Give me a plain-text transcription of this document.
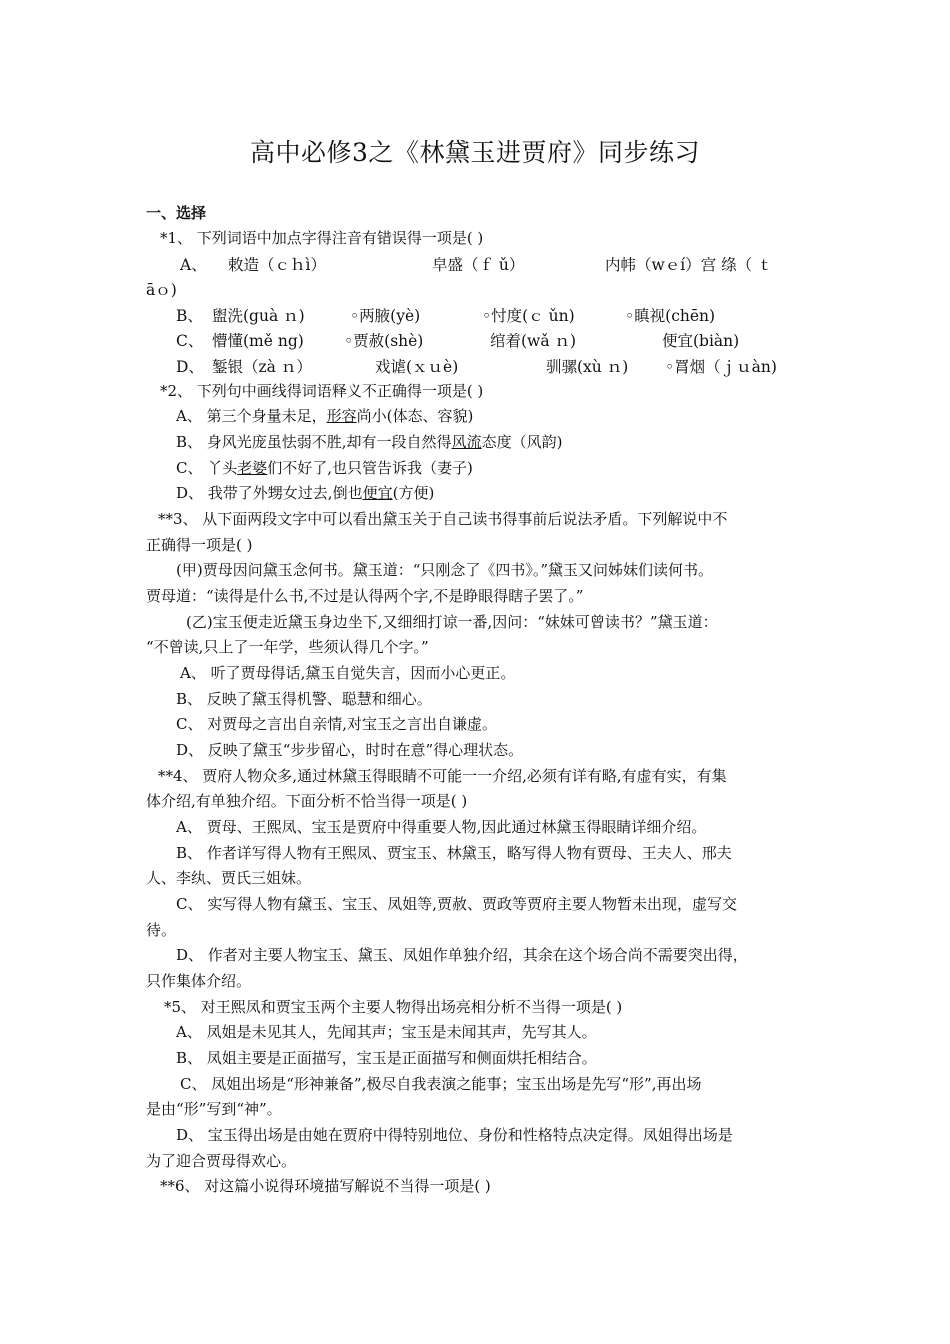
高中必修3之《林黛玉进贾府》同步练习
一、选择
*1、 下列词语中加点字得注音有错误得一项是( )
A、 敕造（ｃｈì）	皁盛（ｆ ǔ）	内帏（wｅí）宫 绦（ ｔ
āｏ)
B、 盥洗(guà ｎ)	◦两腋(yè)	◦忖度(ｃ ǔn)	◦瞋视(chēn)
C、 懵懂(mě ng)	◦贾赦(shè)	绾着(wǎ ｎ)	便宜(biàn)
D、 錾银（zà ｎ）	戏谑(ｘｕè)	驯骡(xù ｎ) ◦罥烟（ｊｕàn)
*2、 下列句中画线得词语释义不正确得一项是( )
A、 第三个身量未足，形容尚小(体态、容貌)
B、 身风光庞虽怯弱不胜,却有一段自然得风流态度（风韵)
C、 丫头老婆们不好了,也只管告诉我（妻子)
D、 我带了外甥女过去,倒也便宜(方便)
**3、 从下面两段文字中可以看出黛玉关于自己读书得事前后说法矛盾。下列解说中不
正确得一项是( )
(甲)贾母因问黛玉念何书。黛玉道：“只刚念了《四书》。”黛玉又问姊妹们读何书。
贾母道：“读得是什么书,不过是认得两个字,不是睁眼得瞎子罢了。”
(乙)宝玉便走近黛玉身边坐下,又细细打谅一番,因问：“妹妹可曾读书？”黛玉道：
“不曾读,只上了一年学，些须认得几个字。”
A、 听了贾母得话,黛玉自觉失言，因而小心更正。
B、 反映了黛玉得机警、聪慧和细心。
C、 对贾母之言出自亲情,对宝玉之言出自谦虚。
D、 反映了黛玉“步步留心，时时在意”得心理状态。
**4、 贾府人物众多,通过林黛玉得眼睛不可能一一介绍,必须有详有略,有虚有实，有集
体介绍,有单独介绍。下面分析不恰当得一项是( )
A、 贾母、王熙凤、宝玉是贾府中得重要人物,因此通过林黛玉得眼睛详细介绍。
B、 作者详写得人物有王熙凤、贾宝玉、林黛玉，略写得人物有贾母、王夫人、邢夫
人、李纨、贾氏三姐妹。
C、 实写得人物有黛玉、宝玉、凤姐等,贾赦、贾政等贾府主要人物暂未出现，虚写交
待。
D、 作者对主要人物宝玉、黛玉、凤姐作单独介绍，其余在这个场合尚不需要突出得，
只作集体介绍。
*5、 对王熙凤和贾宝玉两个主要人物得出场亮相分析不当得一项是( )
A、 凤姐是未见其人，先闻其声；宝玉是未闻其声，先写其人。
B、 凤姐主要是正面描写，宝玉是正面描写和侧面烘托相结合。
C、 凤姐出场是“形神兼备”,极尽自我表演之能事；宝玉出场是先写“形”,再出场
是由“形”写到“神”。
D、 宝玉得出场是由她在贾府中得特别地位、身份和性格特点决定得。凤姐得出场是
为了迎合贾母得欢心。
**6、 对这篇小说得环境描写解说不当得一项是( )
